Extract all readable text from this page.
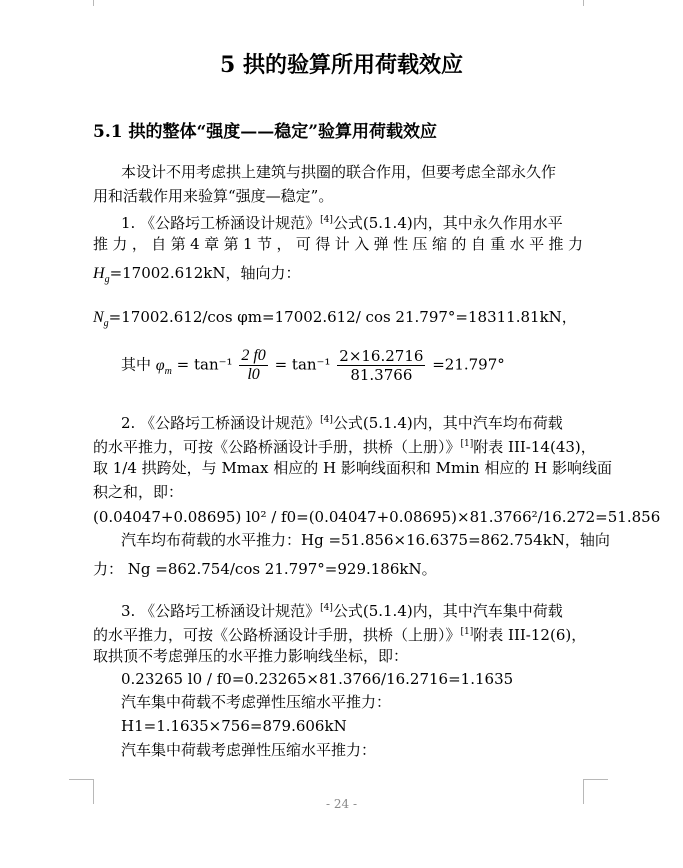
5 拱的验算所用荷载效应
5.1 拱的整体“强度——稳定”验算用荷载效应
本设计不用考虑拱上建筑与拱圈的联合作用，但要考虑全部永久作
用和活载作用来验算“强度—稳定”。
1. 《公路圬工桥涵设计规范》[4]公式(5.1.4)内，其中永久作用水平
推力，自第4章第1节，可得计入弹性压缩的自重水平推力
$H_g=17002.612kN$，轴向力：
$N_g=17002.612/\cos$ φm=17002.612/ cos 21.797°=18311.81kN，
其中 $\varphi_m = \tan^{-1} \frac{2 f0}{l0} = \tan^{-1} \frac{2\times 16.2716}{81.3766} =21.797^\circ$
2. 《公路圬工桥涵设计规范》[4]公式(5.1.4)内，其中汽车均布荷载
的水平推力，可按《公路桥涵设计手册，拱桥（上册）》[1]附表 III-14(43)，
取 1/4 拱跨处，与 Mmax 相应的 H 影响线面积和 Mmin 相应的 H 影响线面
积之和，即：
(0.04047+0.08695) l0² / f0=(0.04047+0.08695)×81.3766²/16.272=51.856
汽车均布荷载的水平推力：Hg =51.856×16.6375=862.754kN，轴向
力： Ng =862.754/cos 21.797°=929.186kN。
3. 《公路圬工桥涵设计规范》[4]公式(5.1.4)内，其中汽车集中荷载
的水平推力，可按《公路桥涵设计手册，拱桥（上册）》[1]附表 III-12(6)，
取拱顶不考虑弹压的水平推力影响线坐标，即：
0.23265 l0 / f0=0.23265×81.3766/16.2716=1.1635
汽车集中荷载不考虑弹性压缩水平推力：
H1=1.1635×756=879.606kN
汽车集中荷载考虑弹性压缩水平推力：
- 24 -
